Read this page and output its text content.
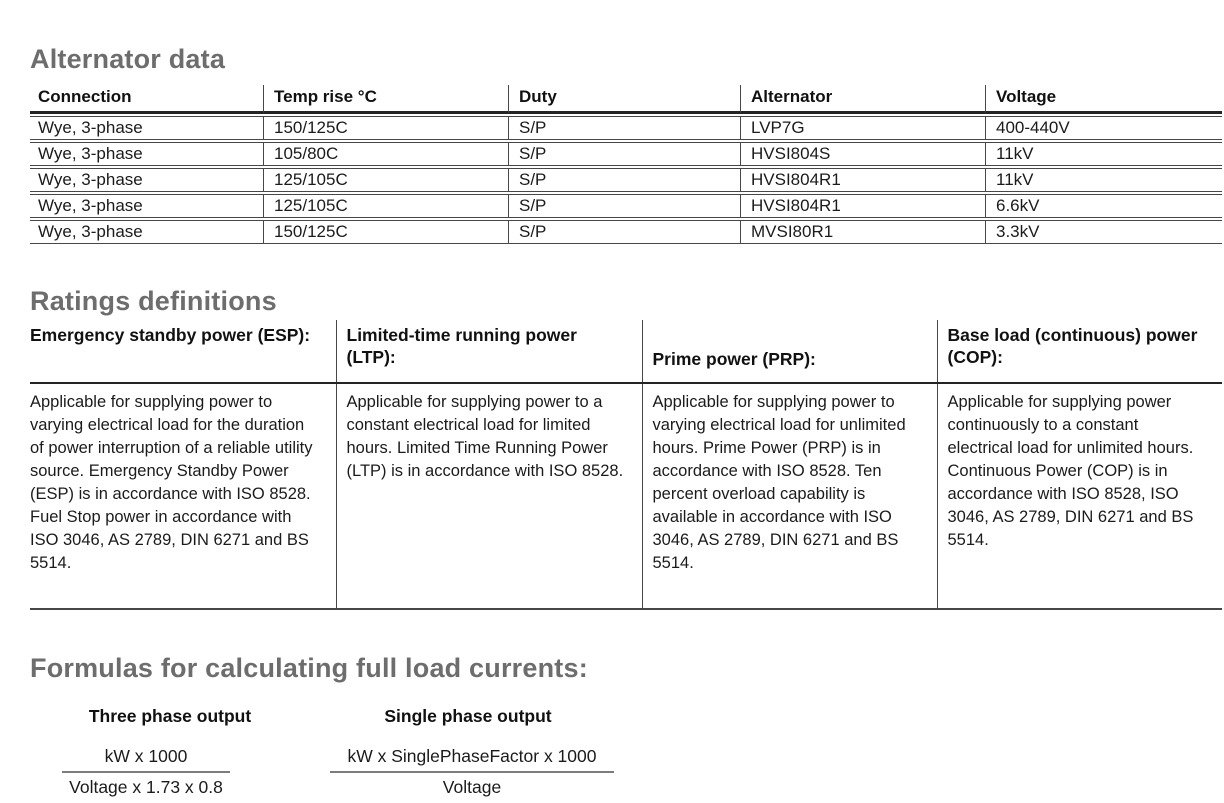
Alternator data
Connection	Temp rise °C	Duty	Alternator	Voltage
Wye, 3-phase	150/125C	S/P	LVP7G	400-440V
Wye, 3-phase	105/80C	S/P	HVSI804S	11kV
Wye, 3-phase	125/105C	S/P	HVSI804R1	11kV
Wye, 3-phase	125/105C	S/P	HVSI804R1	6.6kV
Wye, 3-phase	150/125C	S/P	MVSI80R1	3.3kV
Ratings definitions
Emergency standby power (ESP):	Limited-time running power (LTP):	Prime power (PRP):	Base load (continuous) power (COP):
Applicable for supplying power to varying electrical load for the duration of power interruption of a reliable utility source. Emergency Standby Power (ESP) is in accordance with ISO 8528. Fuel Stop power in accordance with ISO 3046, AS 2789, DIN 6271 and BS 5514.	Applicable for supplying power to a constant electrical load for limited hours. Limited Time Running Power (LTP) is in accordance with ISO 8528.	Applicable for supplying power to varying electrical load for unlimited hours. Prime Power (PRP) is in accordance with ISO 8528. Ten percent overload capability is available in accordance with ISO 3046, AS 2789, DIN 6271 and BS 5514.	Applicable for supplying power continuously to a constant electrical load for unlimited hours. Continuous Power (COP) is in accordance with ISO 8528, ISO 3046, AS 2789, DIN 6271 and BS 5514.
Formulas for calculating full load currents:
Three phase output	Single phase output
kW x 1000
Voltage x 1.73 x 0.8
kW x SinglePhaseFactor x 1000
Voltage
